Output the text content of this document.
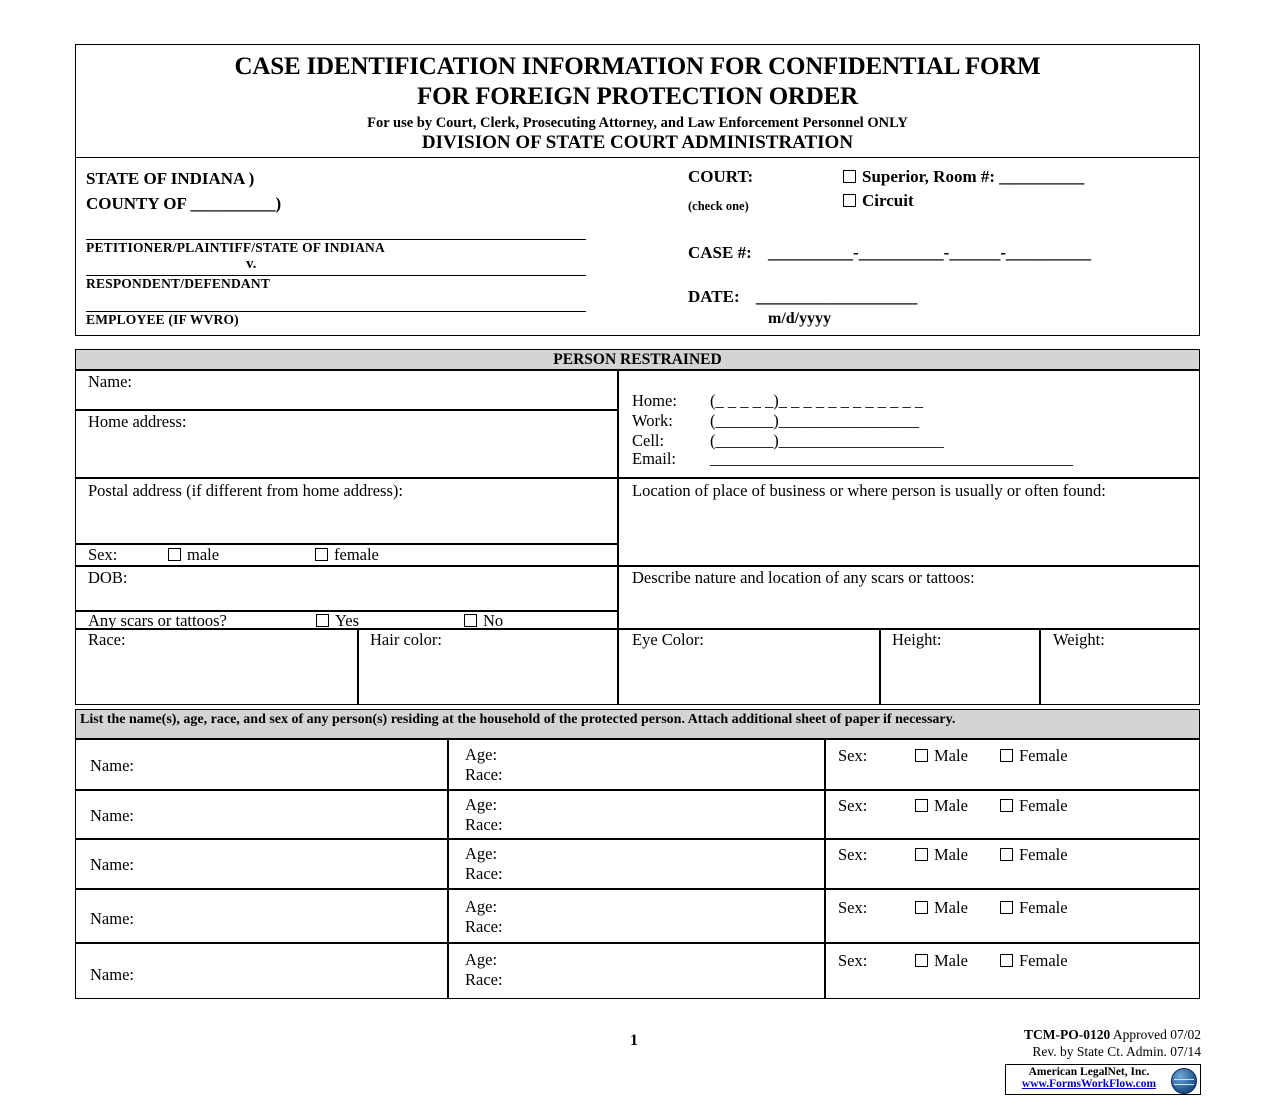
CASE IDENTIFICATION INFORMATION FOR CONFIDENTIAL FORM
FOR FOREIGN PROTECTION ORDER
For use by Court, Clerk, Prosecuting Attorney, and Law Enforcement Personnel ONLY
DIVISION OF STATE COURT ADMINISTRATION
STATE OF INDIANA )
COUNTY OF __________)
PETITIONER/PLAINTIFF/STATE OF INDIANA
v.
RESPONDENT/DEFENDANT
EMPLOYEE (IF WVRO)
COURT:	Superior, Room #: __________
(check one)	Circuit
CASE #: __________-__________-______-__________
DATE: ___________________
m/d/yyyy
PERSON RESTRAINED
Name:
Home address:
Home: (_ _ _ _ _)_ _ _ _ _ _ _ _ _ _ _ _
Work: (_______)_________________
Cell:	(_______)____________________
Email: ____________________________________________
Postal address (if different from home address):	Location of place of business or where person is usually or often found:
Sex:	male	female
DOB:
Any scars or tattoos?	Yes	No
Describe nature and location of any scars or tattoos:
Race:	Hair color:	Eye Color:	Height:	Weight:
List the name(s), age, race, and sex of any person(s) residing at the household of the protected person. Attach additional sheet of paper if necessary.
Name:
Age:
Race:
Sex:	Male	Female
Name:
Age:
Race:
Sex:	Male	Female
Name:
Age:
Race:
Sex:	Male	Female
Name:
Age:
Race:
Sex:	Male	Female
Name:
Age:
Race:
Sex:	Male	Female
1	TCM-PO-0120 Approved 07/02
Rev. by State Ct. Admin. 07/14
American LegalNet, Inc.
www.FormsWorkFlow.com
